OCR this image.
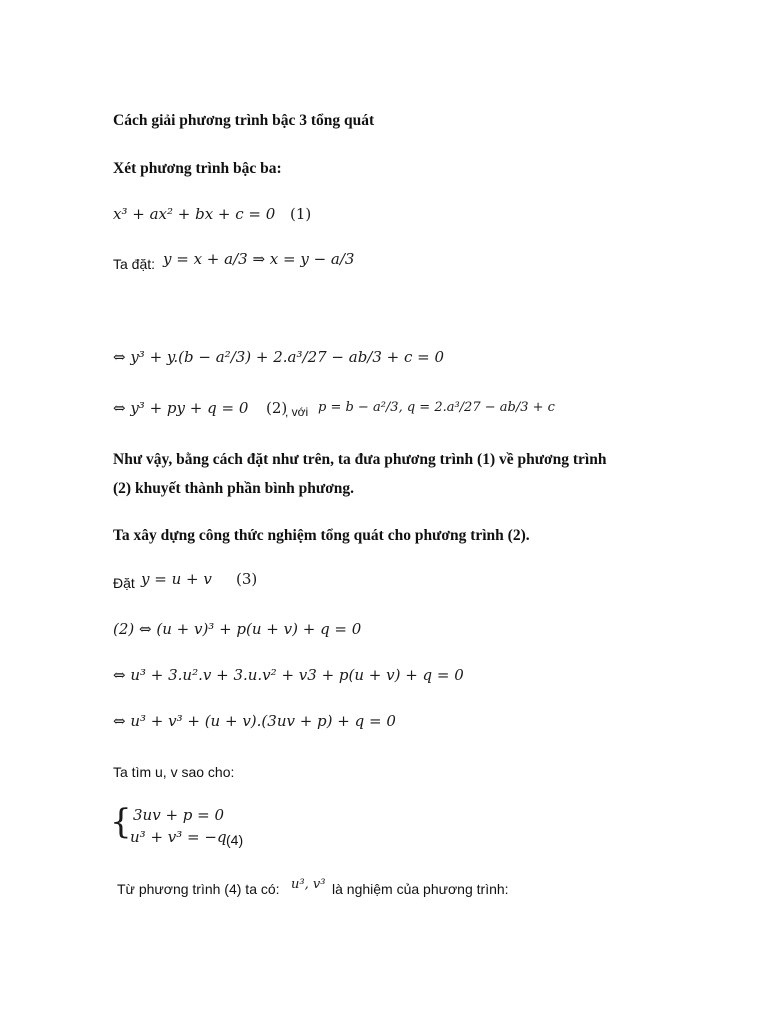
Cách giải phương trình bậc 3 tổng quát
Xét phương trình bậc ba:
x³ + ax² + bx + c = 0 (1)
Ta đặt: y = x + a/3 ⇒ x = y − a/3
⇔ y³ + y.(b − a²/3) + 2.a³/27 − ab/3 + c = 0
⇔ y³ + py + q = 0 (2)
, với p = b − a²/3, q = 2.a³/27 − ab/3 + c
Như vậy, bằng cách đặt như trên, ta đưa phương trình (1) về phương trình
(2) khuyết thành phần bình phương.
Ta xây dựng công thức nghiệm tổng quát cho phương trình (2).
Đặt y = u + v (3)
(2) ⇔ (u + v)³ + p(u + v) + q = 0
⇔ u³ + 3.u².v + 3.u.v² + v3 + p(u + v) + q = 0
⇔ u³ + v³ + (u + v).(3uv + p) + q = 0
Ta tìm u, v sao cho:
{ 3uv + p = 0
u³ + v³ = −q (4)
Từ phương trình (4) ta có: u³, v³ là nghiệm của phương trình:
